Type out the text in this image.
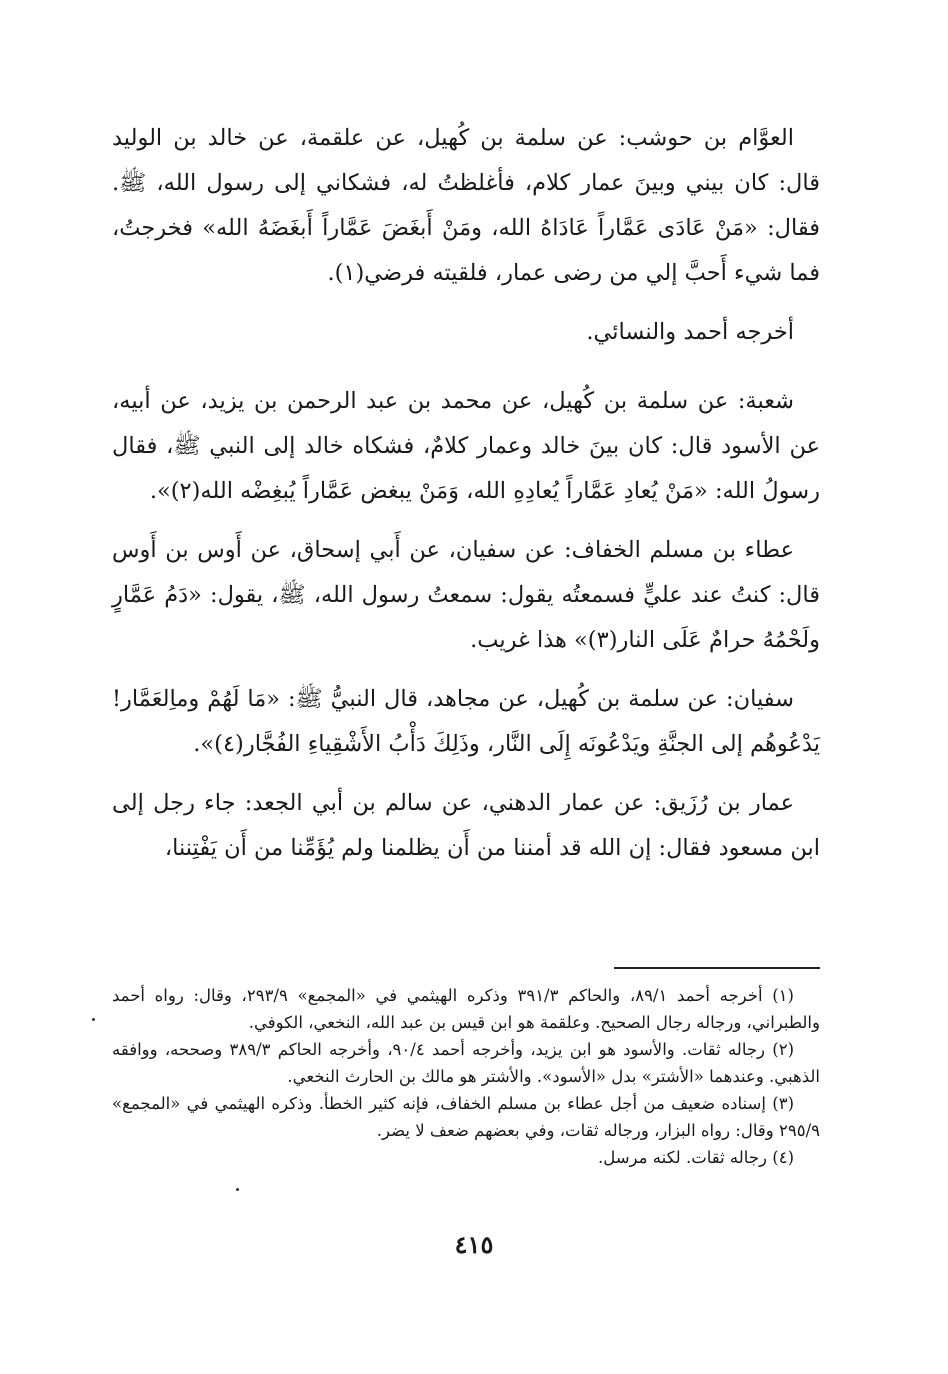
العوَّام بن حوشب: عن سلمة بن كُهيل، عن علقمة، عن خالد بن الوليد قال: كان بيني وبينَ عمار كلام، فأغلظتُ له، فشكاني إلى رسول الله، ﷺ. فقال: «مَنْ عَادَى عَمَّاراً عَادَاهُ الله، ومَنْ أَبغَضَ عَمَّاراً أَبغَضَهُ الله» فخرجتُ، فما شيء أَحبَّ إلي من رضى عمار، فلقيته فرضي(١).

أخرجه أحمد والنسائي.

شعبة: عن سلمة بن كُهيل، عن محمد بن عبد الرحمن بن يزيد، عن أبيه، عن الأسود قال: كان بينَ خالد وعمار كلامٌ، فشكاه خالد إلى النبي ﷺ، فقال رسولُ الله: «مَنْ يُعادِ عَمَّاراً يُعادِهِ الله، وَمَنْ يبغض عَمَّاراً يُبغِضْه الله(٢)».

عطاء بن مسلم الخفاف: عن سفيان، عن أَبي إسحاق، عن أَوس بن أَوس قال: كنتُ عند عليٍّ فسمعتُه يقول: سمعتُ رسول الله، ﷺ، يقول: «دَمُ عَمَّارٍ ولَحْمُهُ حرامٌ عَلَى النار(٣)» هذا غريب.

سفيان: عن سلمة بن كُهيل، عن مجاهد، قال النبيُّ ﷺ: «مَا لَهُمْ وماِلعَمَّار! يَدْعُوهُم إلى الجنَّةِ ويَدْعُونَه إِلَى النَّار، وذَلِكَ دَأْبُ الأَشْقِياءِ الفُجَّار(٤)».

عمار بن رُزَيق: عن عمار الدهني، عن سالم بن أبي الجعد: جاء رجل إلى ابن مسعود فقال: إن الله قد أمننا من أَن يظلمنا ولم يُؤَمِّنا من أَن يَفْتِننا،

(١) أخرجه أحمد ٨٩/١، والحاكم ٣٩١/٣ وذكره الهيثمي في «المجمع» ٢٩٣/٩، وقال: رواه أحمد والطبراني، ورجاله رجال الصحيح. وعلقمة هو ابن قيس بن عبد الله، النخعي، الكوفي.

(٢) رجاله ثقات. والأسود هو ابن يزيد، وأخرجه أحمد ٩٠/٤، وأخرجه الحاكم ٣٨٩/٣ وصححه، ووافقه الذهبي. وعندهما «الأشتر» بدل «الأسود». والأشتر هو مالك بن الحارث النخعي.

(٣) إسناده ضعيف من أجل عطاء بن مسلم الخفاف، فإنه كثير الخطأ. وذكره الهيثمي في «المجمع» ٢٩٥/٩ وقال: رواه البزار، ورجاله ثقات، وفي بعضهم ضعف لا يضر.

(٤) رجاله ثقات. لكنه مرسل.

٤١٥
